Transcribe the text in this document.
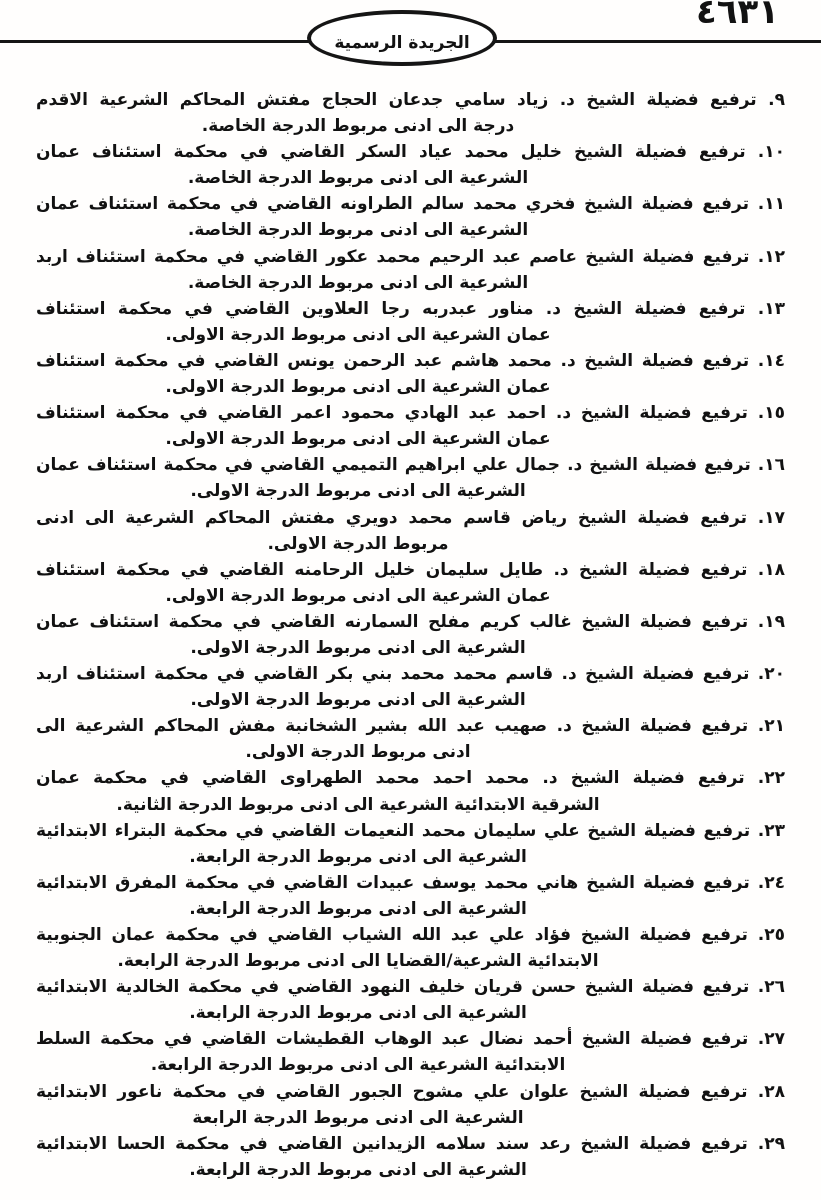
٤٦٣١
الجريدة الرسمية
٩. ترفيع فضيلة الشيخ د. زياد سامي جدعان الحجاج مفتش المحاكم الشرعية الاقدم
درجة الى ادنى مربوط الدرجة الخاصة.
١٠. ترفيع فضيلة الشيخ خليل محمد عياد السكر القاضي في محكمة استئناف عمان
الشرعية الى ادنى مربوط الدرجة الخاصة.
١١. ترفيع فضيلة الشيخ فخري محمد سالم الطراونه القاضي في محكمة استئناف عمان
الشرعية الى ادنى مربوط الدرجة الخاصة.
١٢. ترفيع فضيلة الشيخ عاصم عبد الرحيم محمد عكور القاضي في محكمة استئناف اربد
الشرعية الى ادنى مربوط الدرجة الخاصة.
١٣. ترفيع فضيلة الشيخ د. مناور عبدربه رجا العلاوين القاضي في محكمة استئناف
عمان الشرعية الى ادنى مربوط الدرجة الاولى.
١٤. ترفيع فضيلة الشيخ د. محمد هاشم عبد الرحمن يونس القاضي في محكمة استئناف
عمان الشرعية الى ادنى مربوط الدرجة الاولى.
١٥. ترفيع فضيلة الشيخ د. احمد عبد الهادي محمود اعمر القاضي في محكمة استئناف
عمان الشرعية الى ادنى مربوط الدرجة الاولى.
١٦. ترفيع فضيلة الشيخ د. جمال علي ابراهيم التميمي القاضي في محكمة استئناف عمان
الشرعية الى ادنى مربوط الدرجة الاولى.
١٧. ترفيع فضيلة الشيخ رياض قاسم محمد دويري مفتش المحاكم الشرعية الى ادنى
مربوط الدرجة الاولى.
١٨. ترفيع فضيلة الشيخ د. طايل سليمان خليل الرحامنه القاضي في محكمة استئناف
عمان الشرعية الى ادنى مربوط الدرجة الاولى.
١٩. ترفيع فضيلة الشيخ غالب كريم مفلح السمارنه القاضي في محكمة استئناف عمان
الشرعية الى ادنى مربوط الدرجة الاولى.
٢٠. ترفيع فضيلة الشيخ د. قاسم محمد محمد بني بكر القاضي في محكمة استئناف اربد
الشرعية الى ادنى مربوط الدرجة الاولى.
٢١. ترفيع فضيلة الشيخ د. صهيب عبد الله بشير الشخانبة مفش المحاكم الشرعية الى
ادنى مربوط الدرجة الاولى.
٢٢. ترفيع فضيلة الشيخ د. محمد احمد محمد الطهراوى القاضي في محكمة عمان
الشرقية الابتدائية الشرعية الى ادنى مربوط الدرجة الثانية.
٢٣. ترفيع فضيلة الشيخ علي سليمان محمد النعيمات القاضي في محكمة البتراء الابتدائية
الشرعية الى ادنى مربوط الدرجة الرابعة.
٢٤. ترفيع فضيلة الشيخ هاني محمد يوسف عبيدات القاضي في محكمة المفرق الابتدائية
الشرعية الى ادنى مربوط الدرجة الرابعة.
٢٥. ترفيع فضيلة الشيخ فؤاد علي عبد الله الشياب القاضي في محكمة عمان الجنوبية
الابتدائية الشرعية/القضايا الى ادنى مربوط الدرجة الرابعة.
٢٦. ترفيع فضيلة الشيخ حسن قريان خليف النهود القاضي في محكمة الخالدية الابتدائية
الشرعية الى ادنى مربوط الدرجة الرابعة.
٢٧. ترفيع فضيلة الشيخ أحمد نضال عبد الوهاب القطيشات القاضي في محكمة السلط
الابتدائية الشرعية الى ادنى مربوط الدرجة الرابعة.
٢٨. ترفيع فضيلة الشيخ علوان علي مشوح الجبور القاضي في محكمة ناعور الابتدائية
الشرعية الى ادنى مربوط الدرجة الرابعة
٢٩. ترفيع فضيلة الشيخ رعد سند سلامه الزيدانين القاضي في محكمة الحسا الابتدائية
الشرعية الى ادنى مربوط الدرجة الرابعة.
